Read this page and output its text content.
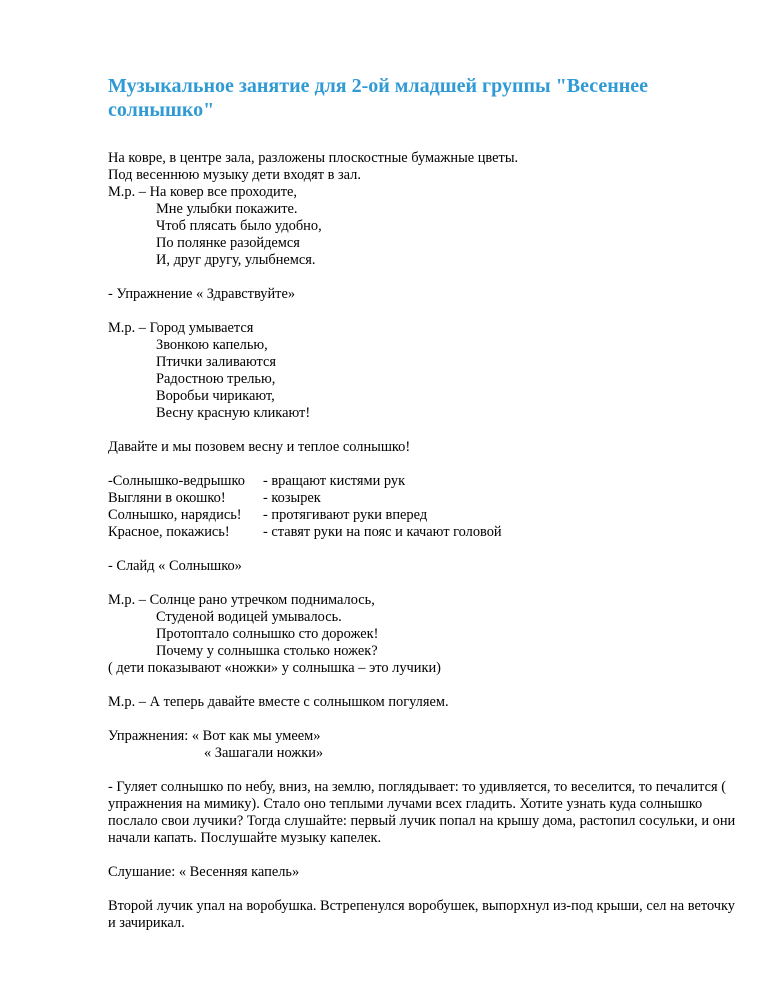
Музыкальное занятие для 2-ой младшей группы "Весеннее солнышко"
На ковре, в центре зала, разложены плоскостные бумажные цветы.
Под весеннюю музыку дети входят в зал.
М.р. – На ковер все проходите,
Мне улыбки покажите.
Чтоб плясать было удобно,
По полянке разойдемся
И, друг другу, улыбнемся.
- Упражнение « Здравствуйте»
М.р. – Город умывается
Звонкою капелью,
Птички заливаются
Радостною трелью,
Воробьи чирикают,
Весну красную кликают!
Давайте и мы позовем весну и теплое солнышко!
-Солнышко-ведрышко	- вращают кистями рук
Выгляни в окошко!	- козырек
Солнышко, нарядись!	- протягивают руки вперед
Красное, покажись!	- ставят руки на пояс и качают головой
- Слайд « Солнышко»
М.р. – Солнце рано утречком поднималось,
Студеной водицей умывалось.
Протоптало солнышко сто дорожек!
Почему у солнышка столько ножек?
( дети показывают «ножки» у солнышка – это лучики)
М.р. – А теперь давайте вместе с солнышком погуляем.
Упражнения: « Вот как мы умеем»
« Зашагали ножки»
- Гуляет солнышко по небу, вниз, на землю, поглядывает: то удивляется, то веселится, то печалится ( упражнения на мимику). Стало оно теплыми лучами всех гладить. Хотите узнать куда солнышко послало свои лучики? Тогда слушайте: первый лучик попал на крышу дома, растопил сосульки, и они начали капать. Послушайте музыку капелек.
Слушание: « Весенняя капель»
Второй лучик упал на воробушка. Встрепенулся воробушек, выпорхнул из-под крыши, сел на веточку и зачирикал.
